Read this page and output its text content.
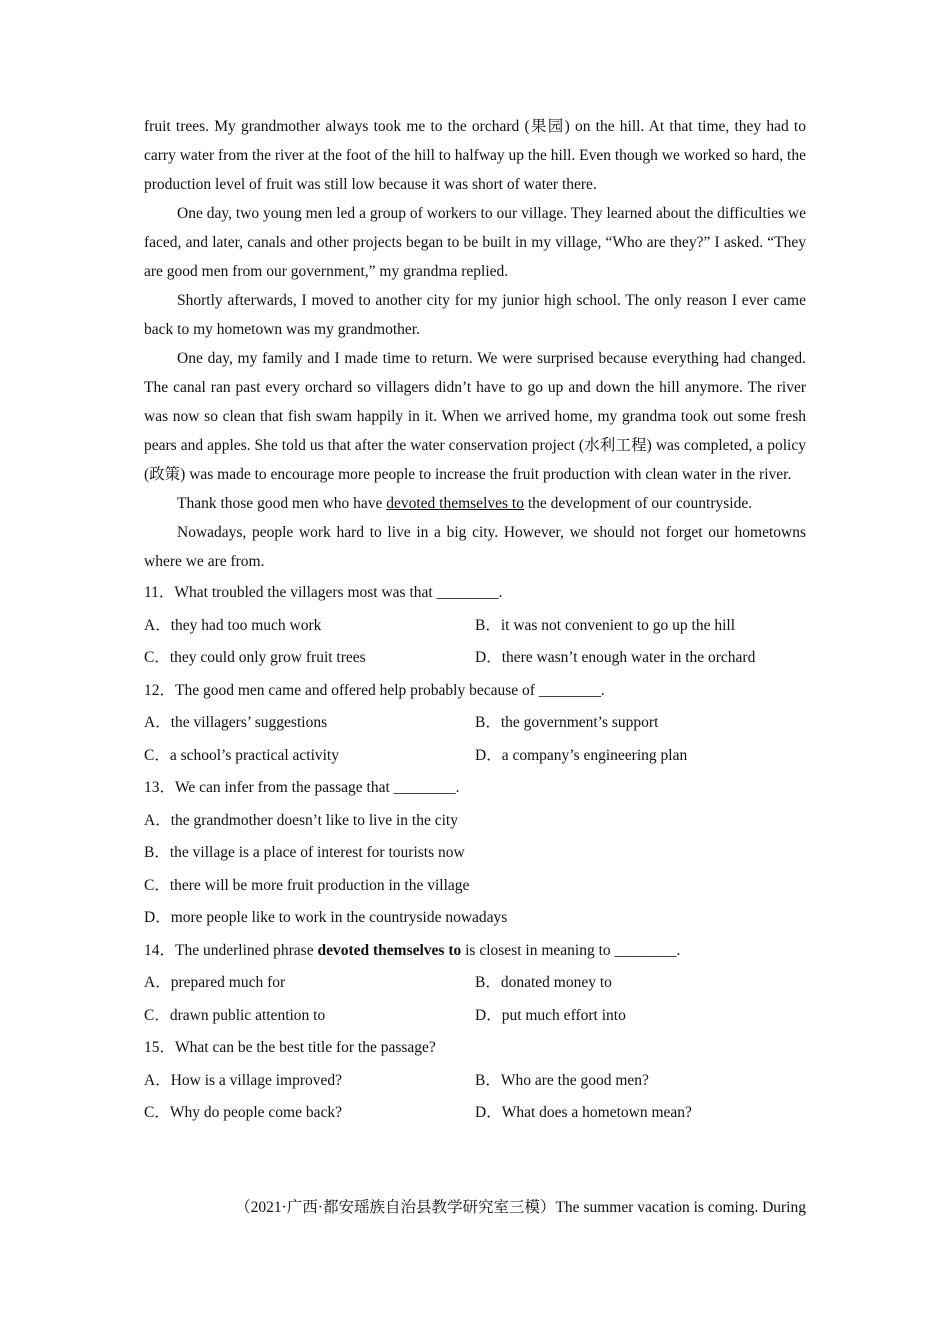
fruit trees. My grandmother always took me to the orchard (果园) on the hill. At that time, they had to carry water from the river at the foot of the hill to halfway up the hill. Even though we worked so hard, the production level of fruit was still low because it was short of water there.

One day, two young men led a group of workers to our village. They learned about the difficulties we faced, and later, canals and other projects began to be built in my village, “Who are they?” I asked. “They are good men from our government,” my grandma replied.

Shortly afterwards, I moved to another city for my junior high school. The only reason I ever came back to my hometown was my grandmother.

One day, my family and I made time to return. We were surprised because everything had changed. The canal ran past every orchard so villagers didn’t have to go up and down the hill anymore. The river was now so clean that fish swam happily in it. When we arrived home, my grandma took out some fresh pears and apples. She told us that after the water conservation project (水利工程) was completed, a policy (政策) was made to encourage more people to increase the fruit production with clean water in the river.

Thank those good men who have devoted themselves to the development of our countryside.

Nowadays, people work hard to live in a big city. However, we should not forget our hometowns where we are from.

11．What troubled the villagers most was that ________.

A．they had too much work	B．it was not convenient to go up the hill
C．they could only grow fruit trees	D．there wasn’t enough water in the orchard

12．The good men came and offered help probably because of ________.

A．the villagers’ suggestions	B．the government’s support
C．a school’s practical activity	D．a company’s engineering plan

13．We can infer from the passage that ________.

A．the grandmother doesn’t like to live in the city

B．the village is a place of interest for tourists now

C．there will be more fruit production in the village

D．more people like to work in the countryside nowadays

14．The underlined phrase devoted themselves to is closest in meaning to ________.

A．prepared much for	B．donated money to
C．drawn public attention to	D．put much effort into

15．What can be the best title for the passage?

A．How is a village improved?	B．Who are the good men?
C．Why do people come back?	D．What does a hometown mean?
（2021·广西·都安瑶族自治县教学研究室三模）The summer vacation is coming. During
